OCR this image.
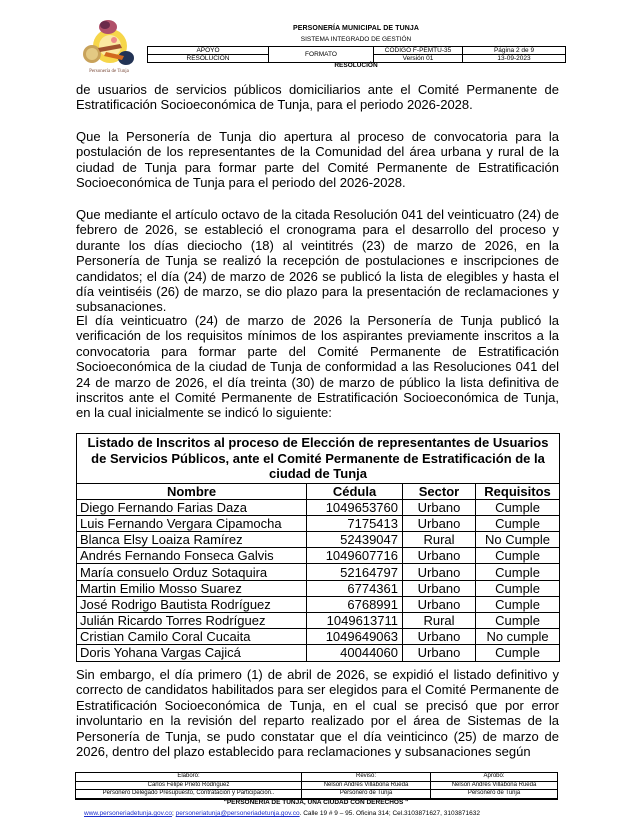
Personería de Tunja
PERSONERÍA MUNICIPAL DE TUNJA
SISTEMA INTEGRADO DE GESTIÓN
APOYO	FORMATO	CÓDIGO F-PEMTU-35	Página 2 de 9
RESOLUCIÓN		Versión 01	13-09-2023
RESOLUCIÓN

de usuarios de servicios públicos domiciliarios ante el Comité Permanente de Estratificación Socioeconómica de Tunja, para el periodo 2026-2028.

Que la Personería de Tunja dio apertura al proceso de convocatoria para la postulación de los representantes de la Comunidad del área urbana y rural de la ciudad de Tunja para formar parte del Comité Permanente de Estratificación Socioeconómica de Tunja para el periodo del 2026-2028.

Que mediante el artículo octavo de la citada Resolución 041 del veinticuatro (24) de febrero de 2026, se estableció el cronograma para el desarrollo del proceso y durante los días dieciocho (18) al veintitrés (23) de marzo de 2026, en la Personería de Tunja se realizó la recepción de postulaciones e inscripciones de candidatos; el día (24) de marzo de 2026 se publicó la lista de elegibles y hasta el día veintiséis (26) de marzo, se dio plazo para la presentación de reclamaciones y subsanaciones.

El día veinticuatro (24) de marzo de 2026 la Personería de Tunja publicó la verificación de los requisitos mínimos de los aspirantes previamente inscritos a la convocatoria para formar parte del Comité Permanente de Estratificación Socioeconómica de la ciudad de Tunja de conformidad a las Resoluciones 041 del 24 de marzo de 2026, el día treinta (30) de marzo de público la lista definitiva de inscritos ante el Comité Permanente de Estratificación Socioeconómica de Tunja, en la cual inicialmente se indicó lo siguiente:

Listado de Inscritos al proceso de Elección de representantes de Usuarios de Servicios Públicos, ante el Comité Permanente de Estratificación de la ciudad de Tunja			
Nombre	Cédula	Sector	Requisitos
Diego Fernando Farias Daza	1049653760	Urbano	Cumple
Luis Fernando Vergara Cipamocha	7175413	Urbano	Cumple
Blanca Elsy Loaiza Ramírez	52439047	Rural	No Cumple
Andrés Fernando Fonseca Galvis	1049607716	Urbano	Cumple
María consuelo Orduz Sotaquira	52164797	Urbano	Cumple
Martin Emilio Mosso Suarez	6774361	Urbano	Cumple
José Rodrigo Bautista Rodríguez	6768991	Urbano	Cumple
Julián Ricardo Torres Rodríguez	1049613711	Rural	Cumple
Cristian Camilo Coral Cucaita	1049649063	Urbano	No cumple
Doris Yohana Vargas Cajicá	40044060	Urbano	Cumple

Sin embargo, el día primero (1) de abril de 2026, se expidió el listado definitivo y correcto de candidatos habilitados para ser elegidos para el Comité Permanente de Estratificación Socioeconómica de Tunja, en el cual se precisó que por error involuntario en la revisión del reparto realizado por el área de Sistemas de la Personería de Tunja, se pudo constatar que el día veinticinco (25) de marzo de 2026, dentro del plazo establecido para reclamaciones y subsanaciones según

Elaboró:	Revisó:	Aprobó:
Carlos Felipe Prieto Rodriguez	Nelson Andrés Villabona Rueda	Nelson Andrés Villabona Rueda
Personero Delegado Presupuesto, Contratación y Participación..	Personero de Tunja	Personero de Tunja
"PERSONERÍA DE TUNJA, UNA CIUDAD CON DERECHOS "
www.personeriadetunja.gov.co; personeriatunja@personeriadetunja.gov.co. Calle 19 # 9 – 95. Oficina 314; Cel.3103871627, 3103871632
